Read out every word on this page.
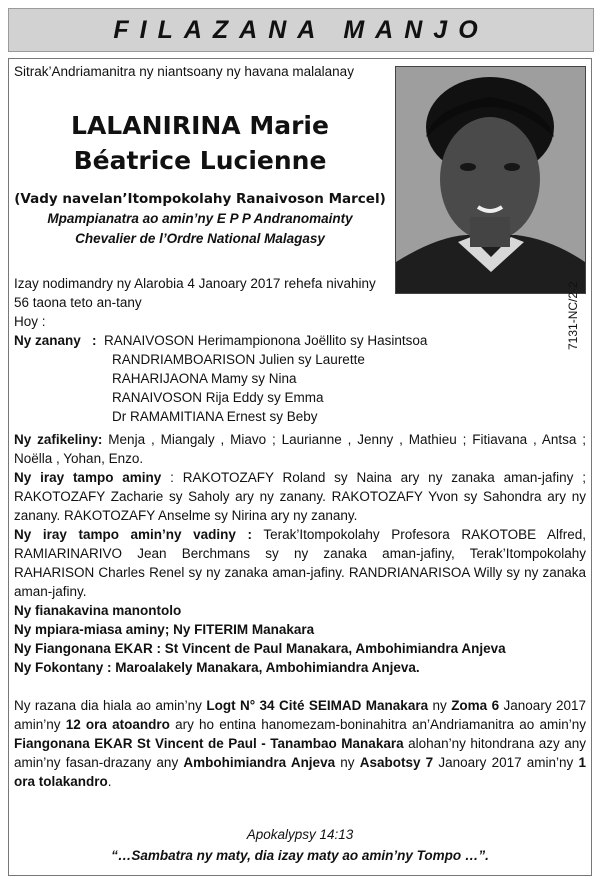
FILAZANA MANJO
Sitrak’Andriamanitra ny niantsoany ny havana malalanay
LALANIRINA Marie
Béatrice Lucienne
(Vady navelan’Itompokolahy Ranaivoson Marcel)
Mpampianatra ao amin’ny E P P Andranomainty
Chevalier de l’Ordre National Malagasy
7131-NC/2-2

Izay nodimandry ny Alarobia 4 Janoary 2017 rehefa nivahiny

56 taona teto an-tany

Hoy :

Ny zanany : RANAIVOSON Herimampionona Joëllito sy Hasintsoa
RANDRIAMBOARISON Julien sy Laurette
RAHARIJAONA Mamy sy Nina
RANAIVOSON Rija Eddy sy Emma
Dr RAMAMITIANA Ernest sy Beby

Ny zafikeliny: Menja , Miangaly , Miavo ; Laurianne , Jenny , Mathieu ; Fitiavana , Antsa ; Noëlla , Yohan, Enzo.

Ny iray tampo aminy : RAKOTOZAFY Roland sy Naina ary ny zanaka aman-jafiny ; RAKOTOZAFY Zacharie sy Saholy ary ny zanany. RAKOTOZAFY Yvon sy Sahondra ary ny zanany. RAKOTOZAFY Anselme sy Nirina ary ny zanany.

Ny iray tampo amin’ny vadiny : Terak’Itompokolahy Profesora RAKOTOBE Alfred, RAMIARINARIVO Jean Berchmans sy ny zanaka aman-jafiny, Terak’Itompokolahy RAHARISON Charles Renel sy ny zanaka aman-jafiny. RANDRIANARISOA Willy sy ny zanaka aman-jafiny.

Ny fianakavina manontolo

Ny mpiara-miasa aminy; Ny FITERIM Manakara

Ny Fiangonana EKAR : St Vincent de Paul Manakara, Ambohimiandra Anjeva

Ny Fokontany : Maroalakely Manakara, Ambohimiandra Anjeva.

Ny razana dia hiala ao amin’ny Logt N° 34 Cité SEIMAD Manakara ny Zoma 6 Janoary 2017 amin’ny 12 ora atoandro ary ho entina hanomezam-boninahitra an’Andriamanitra ao amin’ny Fiangonana EKAR St Vincent de Paul - Tanambao Manakara alohan’ny hitondrana azy any amin’ny fasan-drazany any Ambohimiandra Anjeva ny Asabotsy 7 Janoary 2017 amin’ny 1 ora tolakandro.

Apokalypsy 14:13
“…Sambatra ny maty, dia izay maty ao amin’ny Tompo …”.
